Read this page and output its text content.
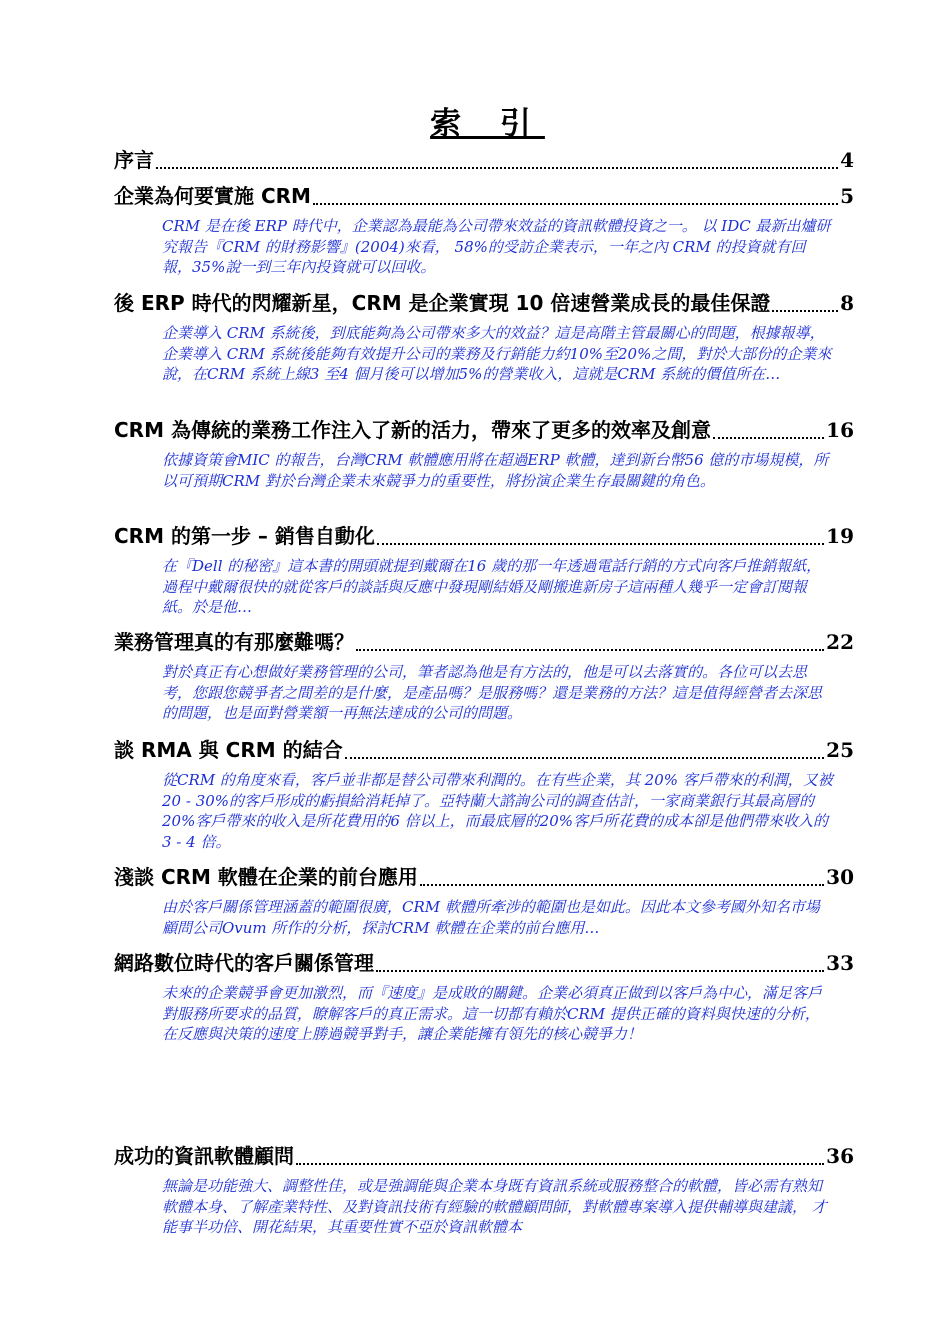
索 引
序言	4
企業為何要實施 CRM	5

CRM 是在後 ERP 時代中，企業認為最能為公司帶來效益的資訊軟體投資之一。 以 IDC 最新出爐研究報告『CRM 的財務影響』(2004)來看， 58%的受訪企業表示，一年之內 CRM 的投資就有回報，35%說一到三年內投資就可以回收。

後 ERP 時代的閃耀新星，CRM 是企業實現 10 倍速營業成長的最佳保證	8

企業導入 CRM 系統後，到底能夠為公司帶來多大的效益？這是高階主管最關心的問題，根據報導，企業導入 CRM 系統後能夠有效提升公司的業務及行銷能力約10%至20%之間，對於大部份的企業來說，在CRM 系統上線3 至4 個月後可以增加5%的營業收入，這就是CRM 系統的價值所在…

CRM 為傳統的業務工作注入了新的活力，帶來了更多的效率及創意	16

依據資策會MIC 的報告，台灣CRM 軟體應用將在超過ERP 軟體，達到新台幣56 億的市場規模，所以可預期CRM 對於台灣企業未來競爭力的重要性，將扮演企業生存最關鍵的角色。

CRM 的第一步 – 銷售自動化	19

在『Dell 的秘密』這本書的開頭就提到戴爾在16 歲的那一年透過電話行銷的方式向客戶推銷報紙，過程中戴爾很快的就從客戶的談話與反應中發現剛結婚及剛搬進新房子這兩種人幾乎一定會訂閱報紙。於是他…

業務管理真的有那麼難嗎？	22

對於真正有心想做好業務管理的公司，筆者認為他是有方法的，他是可以去落實的。各位可以去思考，您跟您競爭者之間差的是什麼，是產品嗎？是服務嗎？還是業務的方法？這是值得經營者去深思的問題，也是面對營業額一再無法達成的公司的問題。

談 RMA 與 CRM 的結合	25

從CRM 的角度來看，客戶並非都是替公司帶來利潤的。在有些企業，其 20% 客戶帶來的利潤，又被20 - 30%的客戶形成的虧損給消耗掉了。亞特蘭大諮詢公司的調查估計，一家商業銀行其最高層的20%客戶帶來的收入是所花費用的6 倍以上，而最底層的20%客戶所花費的成本卻是他們帶來收入的3 - 4 倍。

淺談 CRM 軟體在企業的前台應用	30

由於客戶關係管理涵蓋的範圍很廣，CRM 軟體所牽涉的範圍也是如此。因此本文參考國外知名市場顧問公司Ovum 所作的分析，探討CRM 軟體在企業的前台應用…

網路數位時代的客戶關係管理	33

未來的企業競爭會更加激烈，而『速度』是成敗的關鍵。企業必須真正做到以客戶為中心，滿足客戶對服務所要求的品質，瞭解客戶的真正需求。這一切都有賴於CRM 提供正確的資料與快速的分析，在反應與決策的速度上勝過競爭對手，讓企業能擁有領先的核心競爭力！

成功的資訊軟體顧問	36

無論是功能強大、調整性佳，或是強調能與企業本身既有資訊系統或服務整合的軟體，皆必需有熟知軟體本身、了解產業特性、及對資訊技術有經驗的軟體顧問師，對軟體專案導入提供輔導與建議， 才能事半功倍、開花結果，其重要性實不亞於資訊軟體本
